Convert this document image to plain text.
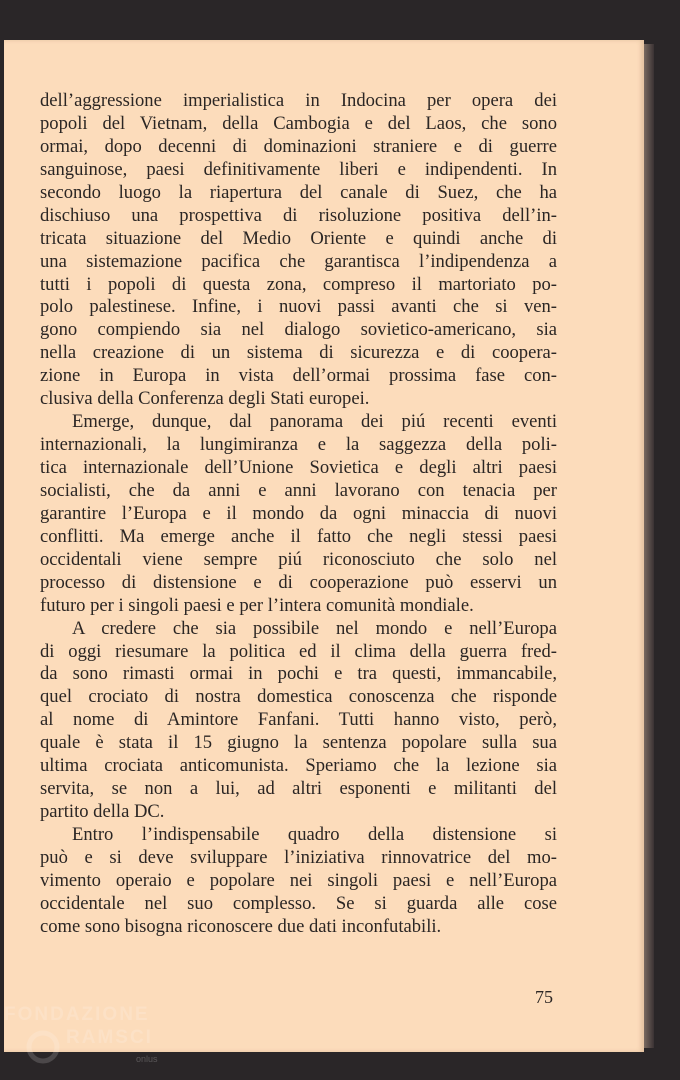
dell’aggressione imperialistica in Indocina per opera dei
popoli del Vietnam, della Cambogia e del Laos, che sono
ormai, dopo decenni di dominazioni straniere e di guerre
sanguinose, paesi definitivamente liberi e indipendenti. In
secondo luogo la riapertura del canale di Suez, che ha
dischiuso una prospettiva di risoluzione positiva dell’in-
tricata situazione del Medio Oriente e quindi anche di
una sistemazione pacifica che garantisca l’indipendenza a
tutti i popoli di questa zona, compreso il martoriato po-
polo palestinese. Infine, i nuovi passi avanti che si ven-
gono compiendo sia nel dialogo sovietico-americano, sia
nella creazione di un sistema di sicurezza e di coopera-
zione in Europa in vista dell’ormai prossima fase con-
clusiva della Conferenza degli Stati europei.
Emerge, dunque, dal panorama dei piú recenti eventi
internazionali, la lungimiranza e la saggezza della poli-
tica internazionale dell’Unione Sovietica e degli altri paesi
socialisti, che da anni e anni lavorano con tenacia per
garantire l’Europa e il mondo da ogni minaccia di nuovi
conflitti. Ma emerge anche il fatto che negli stessi paesi
occidentali viene sempre piú riconosciuto che solo nel
processo di distensione e di cooperazione può esservi un
futuro per i singoli paesi e per l’intera comunità mondiale.
A credere che sia possibile nel mondo e nell’Europa
di oggi riesumare la politica ed il clima della guerra fred-
da sono rimasti ormai in pochi e tra questi, immancabile,
quel crociato di nostra domestica conoscenza che risponde
al nome di Amintore Fanfani. Tutti hanno visto, però,
quale è stata il 15 giugno la sentenza popolare sulla sua
ultima crociata anticomunista. Speriamo che la lezione sia
servita, se non a lui, ad altri esponenti e militanti del
partito della DC.
Entro l’indispensabile quadro della distensione si
può e si deve sviluppare l’iniziativa rinnovatrice del mo-
vimento operaio e popolare nei singoli paesi e nell’Europa
occidentale nel suo complesso. Se si guarda alle cose
come sono bisogna riconoscere due dati inconfutabili.
75
FONDAZIONE
RAMSCI
onlus
